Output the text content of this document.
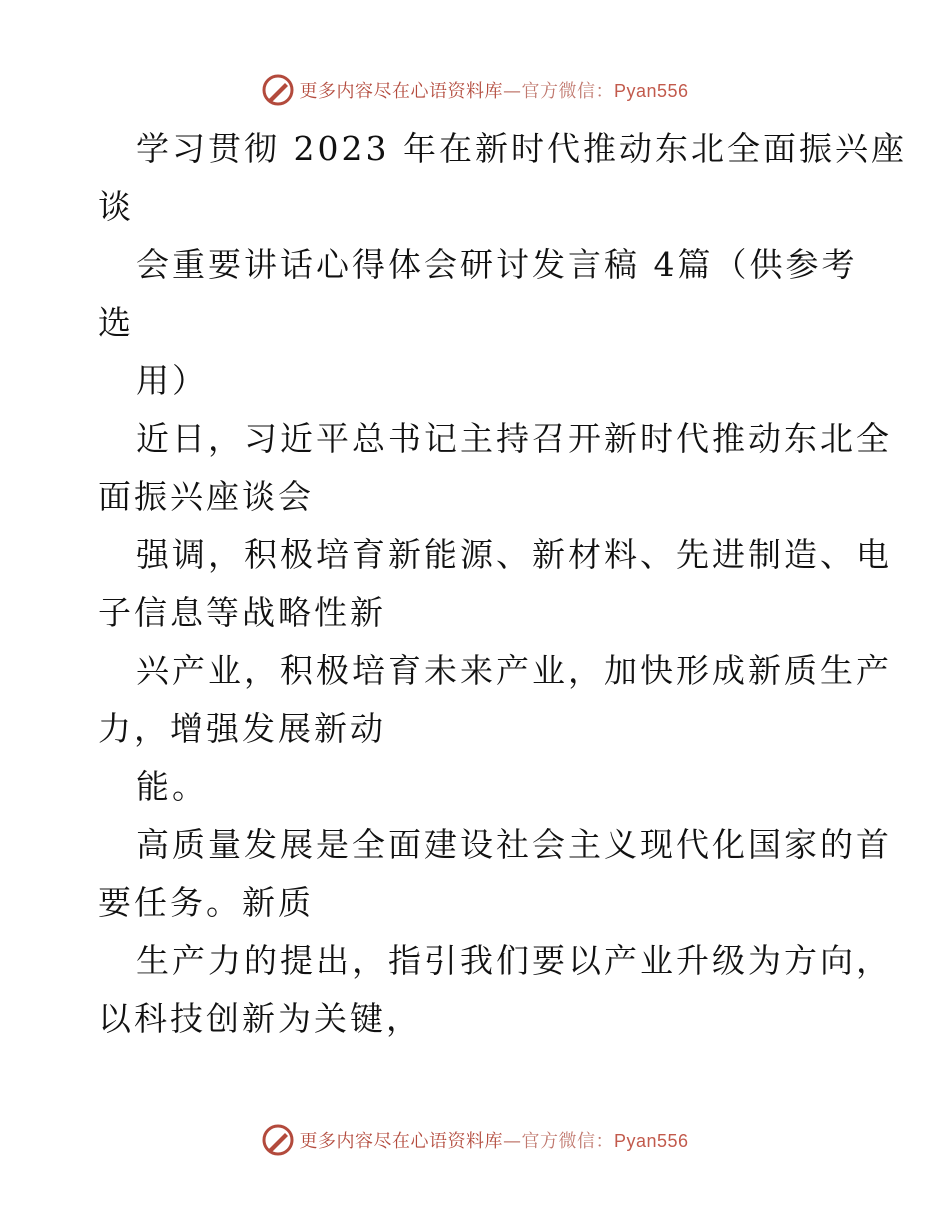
更多内容尽在心语资料库—官方微信：Pyan556

学习贯彻 2023 年在新时代推动东北全面振兴座

谈

会重要讲话心得体会研讨发言稿 4篇（供参考

选

用）

近日，习近平总书记主持召开新时代推动东北全

面振兴座谈会

强调，积极培育新能源、新材料、先进制造、电

子信息等战略性新

兴产业，积极培育未来产业，加快形成新质生产

力，增强发展新动

能。

高质量发展是全面建设社会主义现代化国家的首

要任务。新质

生产力的提出，指引我们要以产业升级为方向，

以科技创新为关键，

更多内容尽在心语资料库—官方微信：Pyan556
